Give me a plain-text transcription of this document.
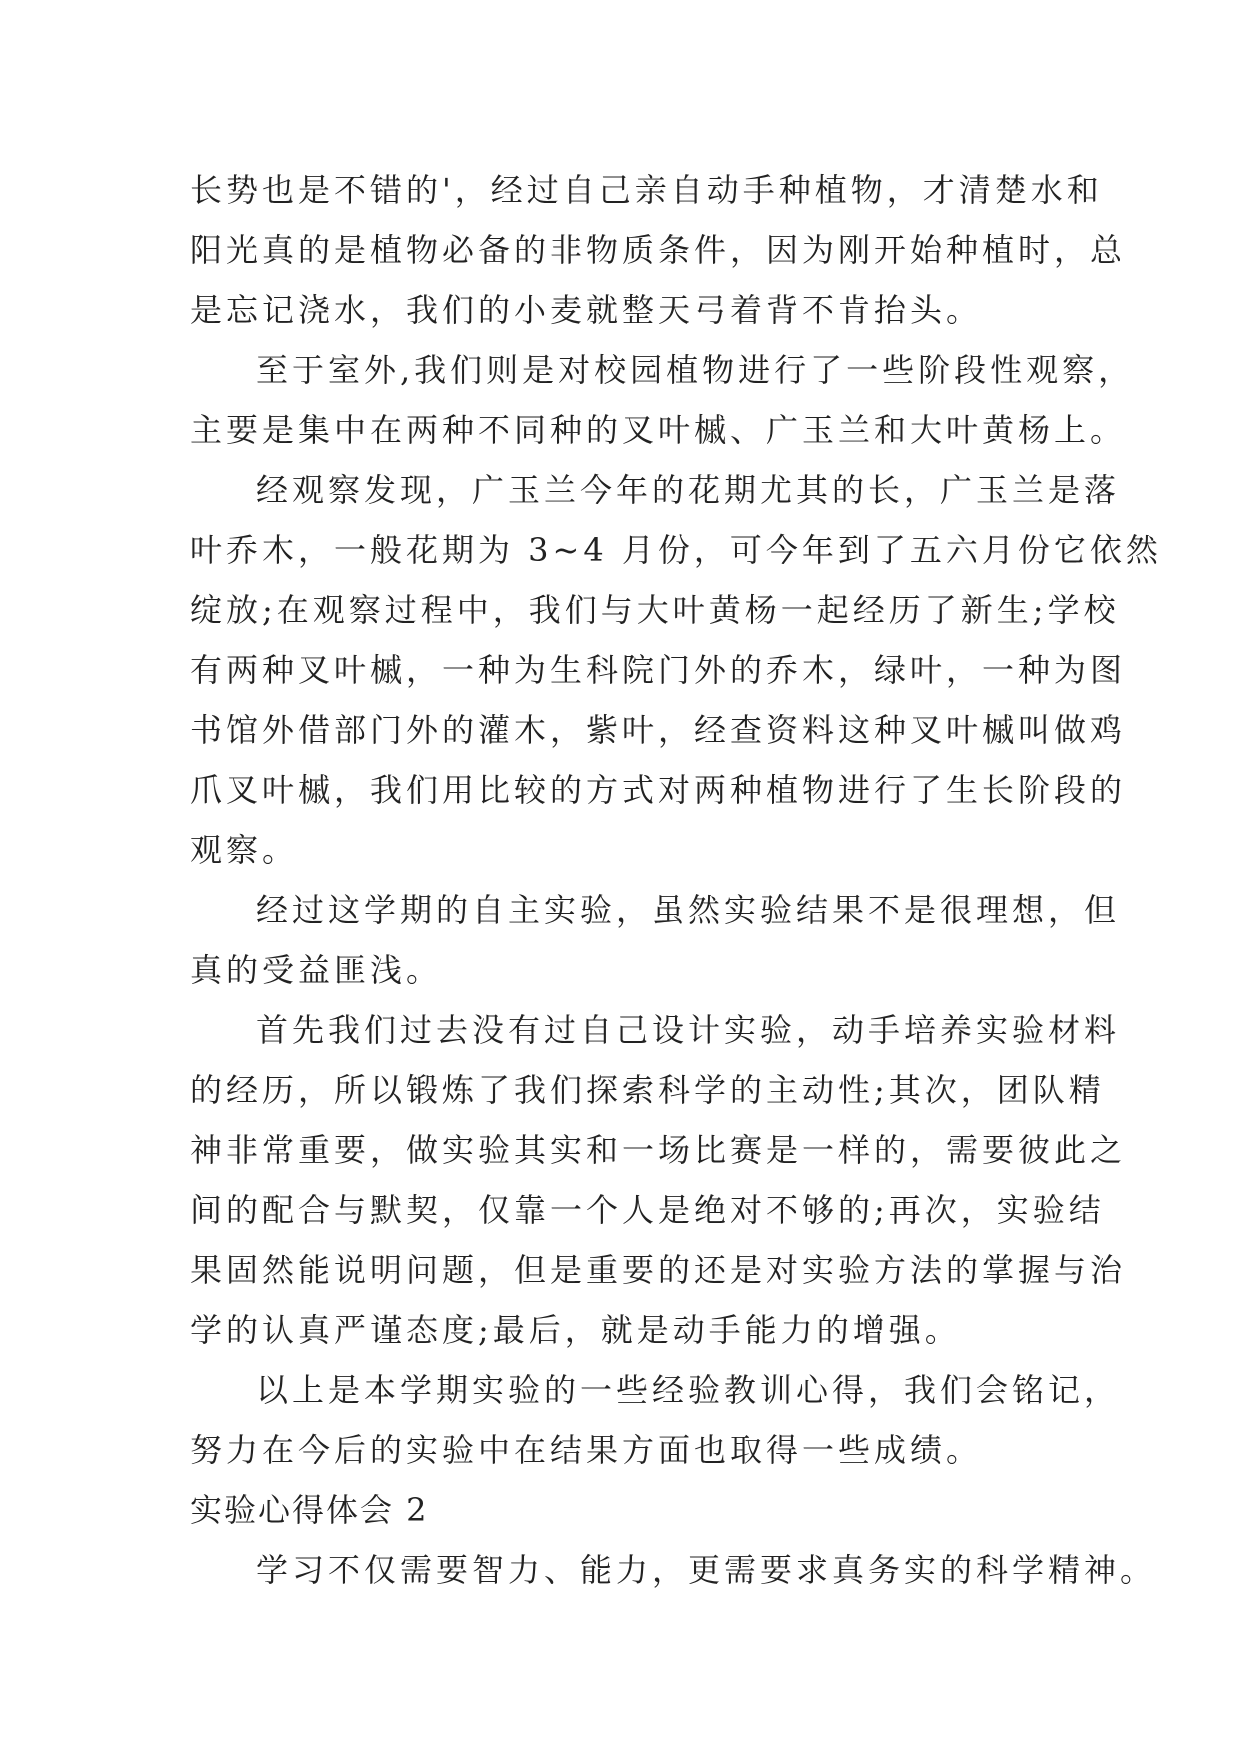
长势也是不错的'，经过自己亲自动手种植物，才清楚水和
阳光真的是植物必备的非物质条件，因为刚开始种植时，总
是忘记浇水，我们的小麦就整天弓着背不肯抬头。
至于室外,我们则是对校园植物进行了一些阶段性观察，
主要是集中在两种不同种的叉叶槭、广玉兰和大叶黄杨上。
经观察发现，广玉兰今年的花期尤其的长，广玉兰是落
叶乔木，一般花期为 3~4 月份，可今年到了五六月份它依然
绽放;在观察过程中，我们与大叶黄杨一起经历了新生;学校
有两种叉叶槭，一种为生科院门外的乔木，绿叶，一种为图
书馆外借部门外的灌木，紫叶，经查资料这种叉叶槭叫做鸡
爪叉叶槭，我们用比较的方式对两种植物进行了生长阶段的
观察。
经过这学期的自主实验，虽然实验结果不是很理想，但
真的受益匪浅。
首先我们过去没有过自己设计实验，动手培养实验材料
的经历，所以锻炼了我们探索科学的主动性;其次，团队精
神非常重要，做实验其实和一场比赛是一样的，需要彼此之
间的配合与默契，仅靠一个人是绝对不够的;再次，实验结
果固然能说明问题，但是重要的还是对实验方法的掌握与治
学的认真严谨态度;最后，就是动手能力的增强。
以上是本学期实验的一些经验教训心得，我们会铭记，
努力在今后的实验中在结果方面也取得一些成绩。
实验心得体会 2
学习不仅需要智力、能力，更需要求真务实的科学精神。
